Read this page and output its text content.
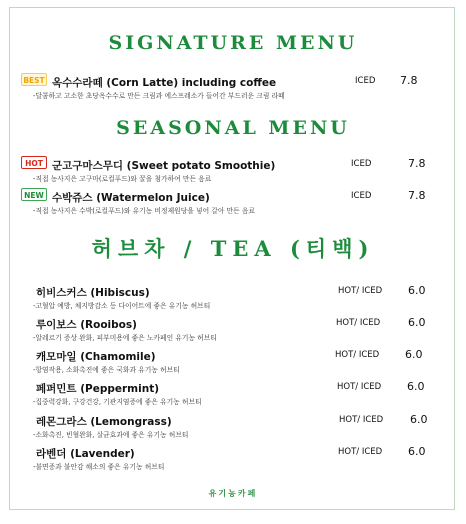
SIGNATURE MENU
BEST 옥수수라떼 (Corn Latte) including coffee	ICED 7.8
-달콤하고 고소한 초당옥수수로 만든 크림과 에스프레소가 들어간 부드러운 크림 라떼
SEASONAL MENU
HOT 군고구마스무디 (Sweet potato Smoothie)	ICED	7.8
-직접 농사지은 고구마(로컬푸드)와 꿀을 첨가하여 만든 음료
NEW 수박쥬스 (Watermelon Juice)	ICED	7.8
-직접 농사지은 수박(로컬푸드)와 유기농 비정제원당을 넣어 갈아 만든 음료
허브차 / TEA (티백)
히비스커스 (Hibiscus)	HOT/ ICED 6.0
-고혈압 예방, 체지방감소 등 다이어트에 좋은 유기농 허브티
루이보스 (Rooibos)	HOT/ ICED	6.0
-알레르기 증상 완화, 피부미용에 좋은 노카페인 유기농 허브티
캐모마일 (Chamomile)	HOT/ ICED 6.0
-항염작용, 소화촉진에 좋은 국화과 유기농 허브티
페퍼민트 (Peppermint)	HOT/ ICED 6.0
-집중력강화, 구강건강, 기관지염증에 좋은 유기농 허브티
레몬그라스 (Lemongrass)	HOT/ ICED 6.0
-소화촉진, 빈혈완화, 살균효과에 좋은 유기농 허브티
라벤더 (Lavender)	HOT/ ICED 6.0
-불면증과 불안감 해소의 좋은 유기농 허브티
유기농카페
